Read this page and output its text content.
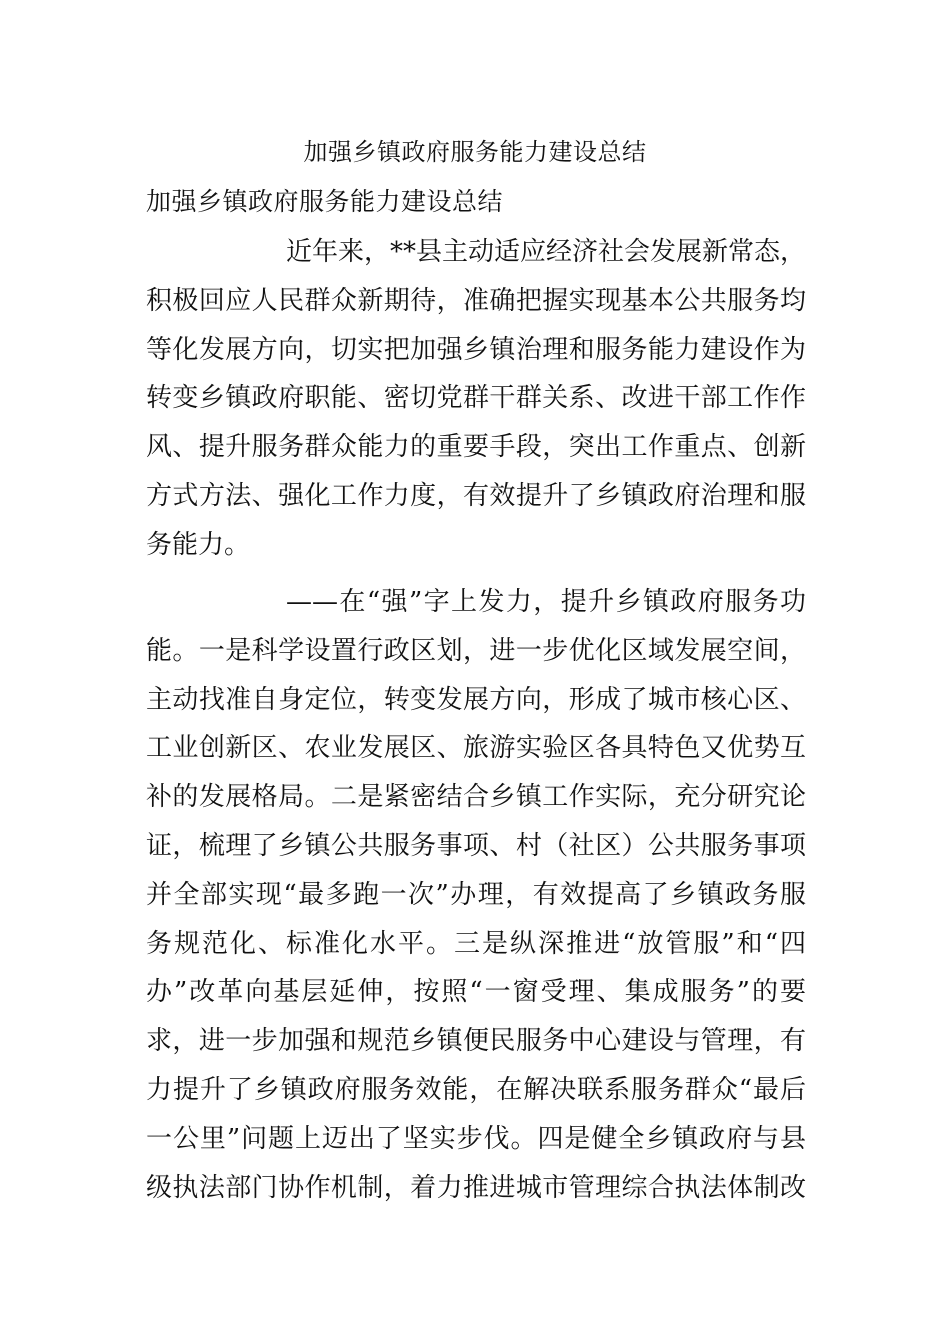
加强乡镇政府服务能力建设总结
加强乡镇政府服务能力建设总结
近年来，**县主动适应经济社会发展新常态，
积极回应人民群众新期待，准确把握实现基本公共服务均
等化发展方向，切实把加强乡镇治理和服务能力建设作为
转变乡镇政府职能、密切党群干群关系、改进干部工作作
风、提升服务群众能力的重要手段，突出工作重点、创新
方式方法、强化工作力度，有效提升了乡镇政府治理和服
务能力。
——在“强”字上发力，提升乡镇政府服务功
能。一是科学设置行政区划，进一步优化区域发展空间，
主动找准自身定位，转变发展方向，形成了城市核心区、
工业创新区、农业发展区、旅游实验区各具特色又优势互
补的发展格局。二是紧密结合乡镇工作实际，充分研究论
证，梳理了乡镇公共服务事项、村（社区）公共服务事项
并全部实现“最多跑一次”办理，有效提高了乡镇政务服
务规范化、标准化水平。三是纵深推进“放管服”和“四
办”改革向基层延伸，按照“一窗受理、集成服务”的要
求，进一步加强和规范乡镇便民服务中心建设与管理，有
力提升了乡镇政府服务效能，在解决联系服务群众“最后
一公里”问题上迈出了坚实步伐。四是健全乡镇政府与县
级执法部门协作机制，着力推进城市管理综合执法体制改
